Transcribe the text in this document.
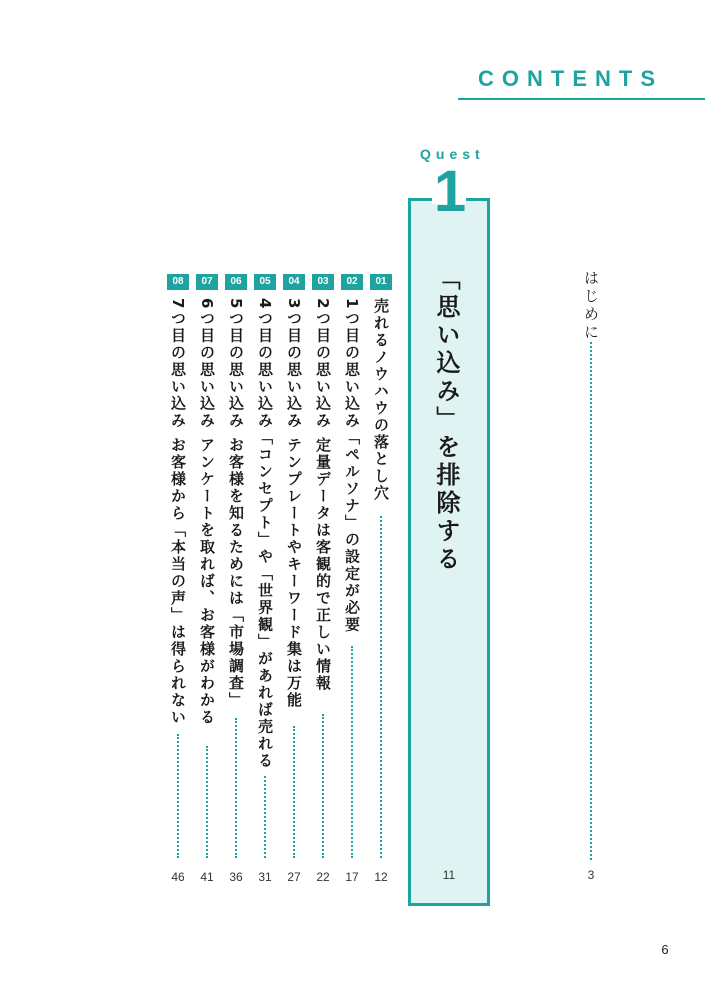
CONTENTS
Quest
1
「思い込み」を排除する
11
はじめに
3
01
売れるノウハウの落とし穴
12
02
1つ目の思い込み「ペルソナ」の設定が必要
17
03
2つ目の思い込み 定量データは客観的で正しい情報
22
04
3つ目の思い込み テンプレートやキーワード集は万能
27
05
4つ目の思い込み「コンセプト」や「世界観」があれば売れる
31
06
5つ目の思い込み お客様を知るためには「市場調査」
36
07
6つ目の思い込み アンケートを取れば、お客様がわかる
41
08
7つ目の思い込み お客様から「本当の声」は得られない
46
6
